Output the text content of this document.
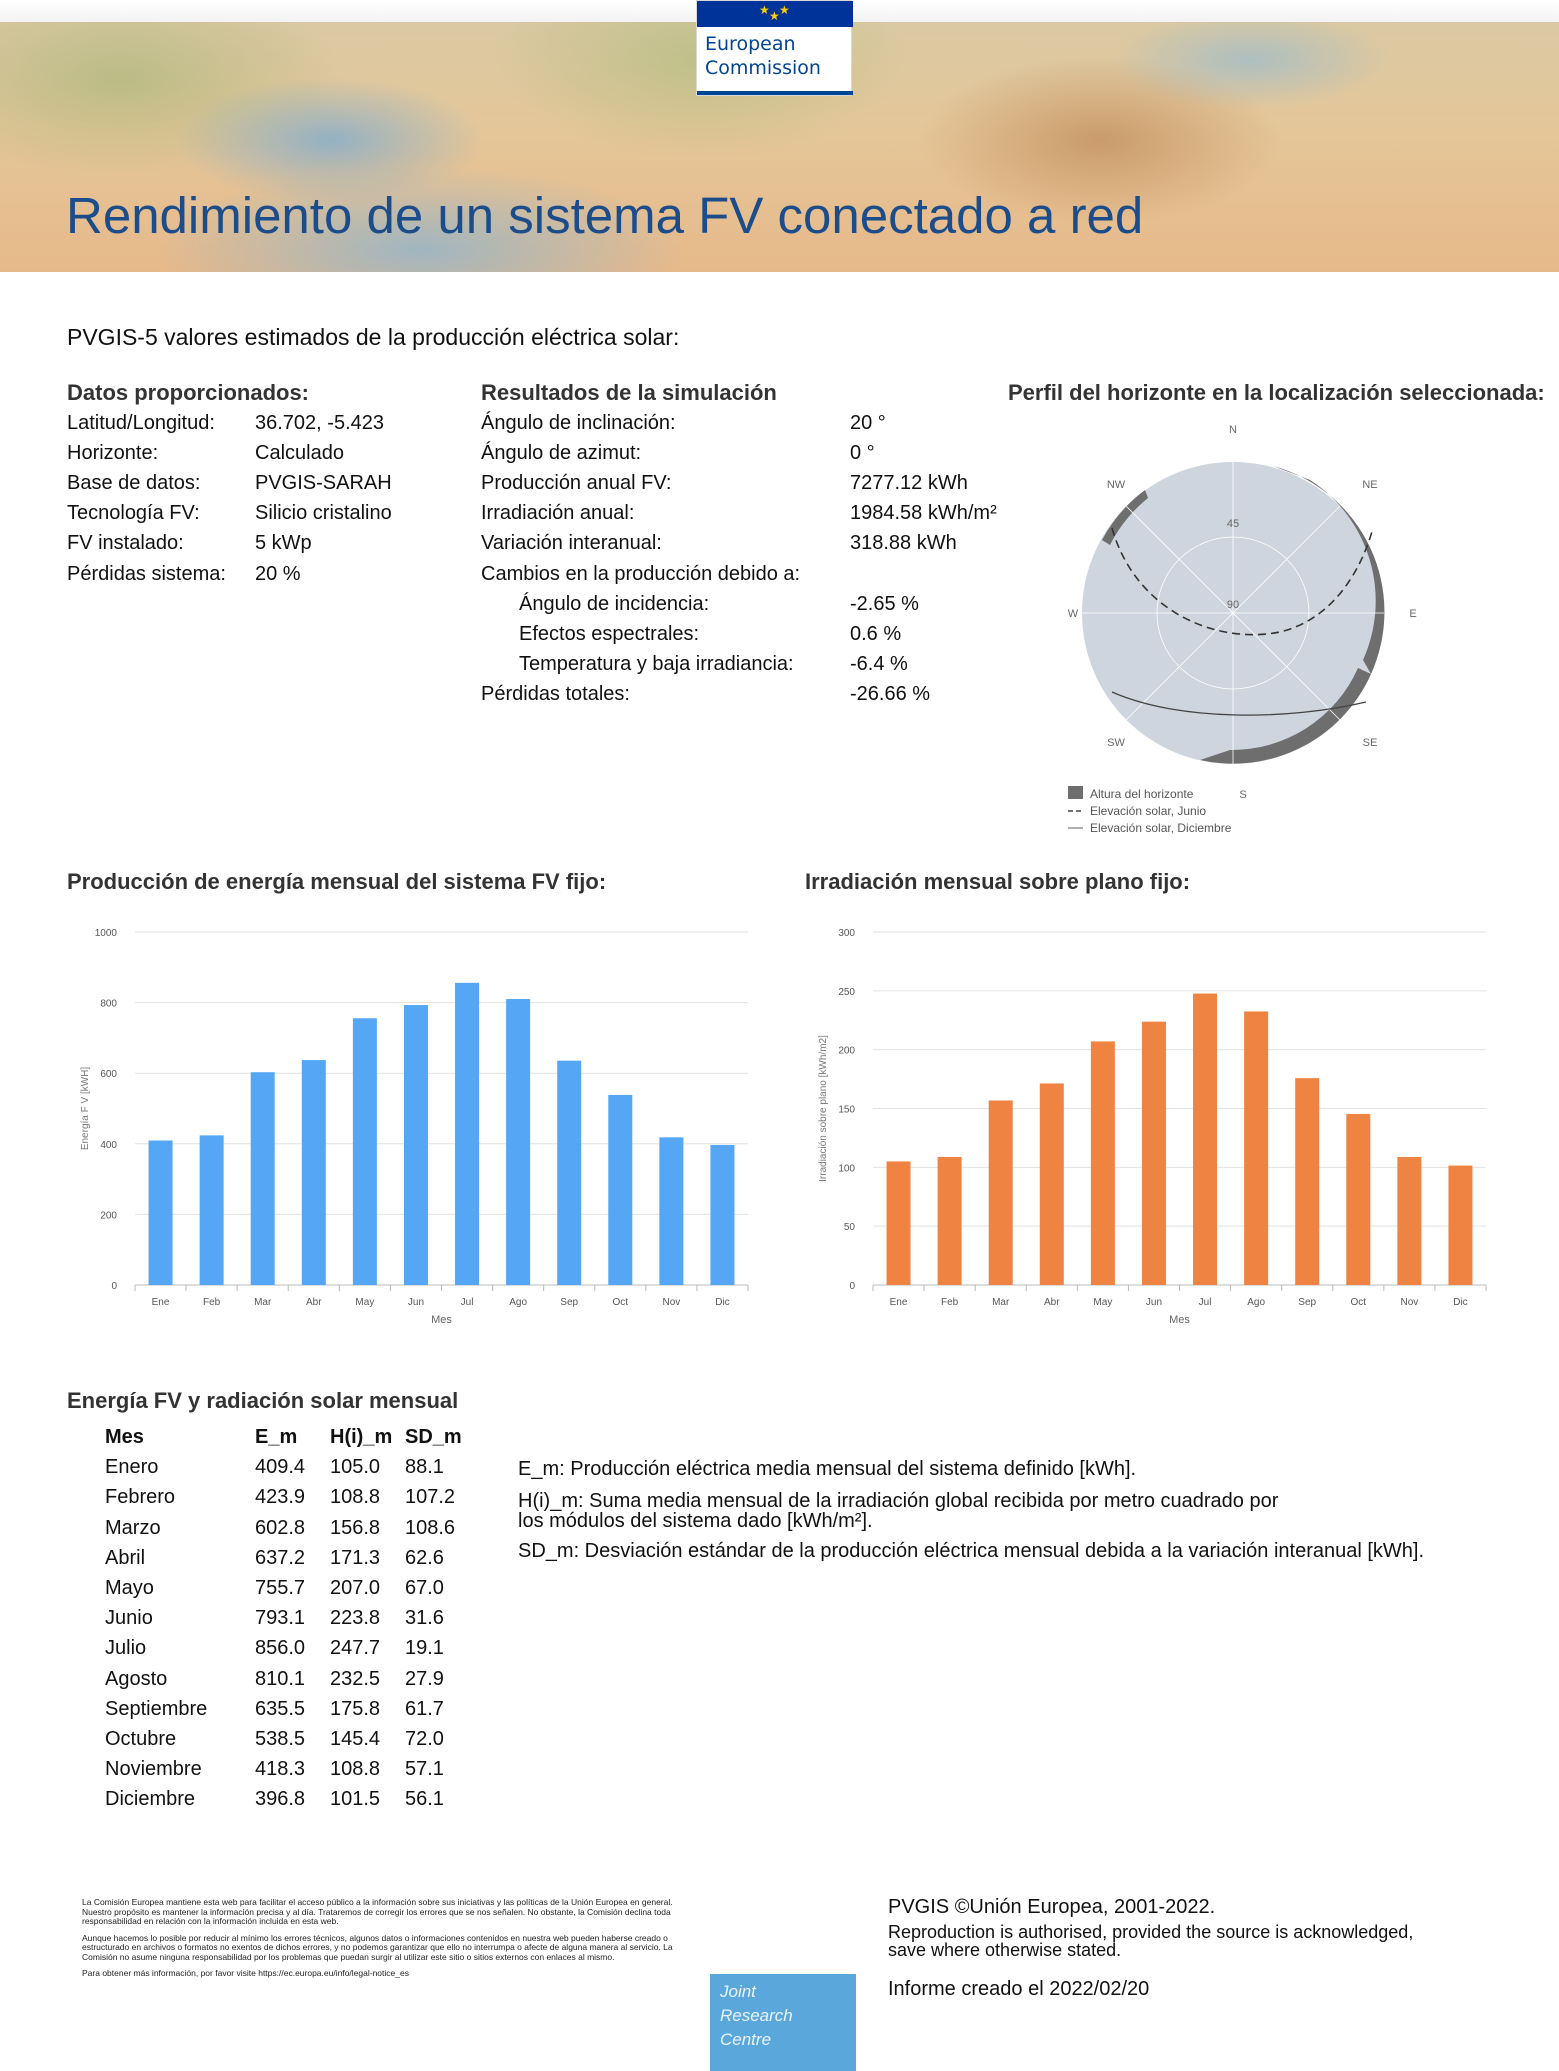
★ ★ ★
European
Commission
Rendimiento de un sistema FV conectado a red
PVGIS-5 valores estimados de la producción eléctrica solar:
Datos proporcionados:
Latitud/Longitud: 36.702, -5.423
Horizonte:	Calculado
Base de datos:	PVGIS-SARAH
Tecnología FV:	Silicio cristalino
FV instalado:	5 kWp
Pérdidas sistema: 20 %
Resultados de la simulación
Ángulo de inclinación:	20 °
Ángulo de azimut:	0 °
Producción anual FV:	7277.12 kWh
Irradiación anual:	1984.58 kWh/m²
Variación interanual:	318.88 kWh
Cambios en la producción debido a:
Ángulo de incidencia:	-2.65 %
Efectos espectrales:	0.6 %
Temperatura y baja irradiancia:	-6.4 %
Pérdidas totales:	-26.66 %
Perfil del horizonte en la localización seleccionada:
N
NE
E
SE
S
SW
W
NW
45
90
Altura del horizonte
Elevación solar, Junio
Elevación solar, Diciembre
Producción de energía mensual del sistema FV fijo:	Irradiación mensual sobre plano fijo:
0
200
400
600
800
1000
Ene	Feb	Mar	Abr	May	Jun	Jul	Ago	Sep	Oct	Nov	Dic
Mes
Energía F V [kWH]
0
50
100
150
200
250
300
Ene	Feb	Mar	Abr	May	Jun	Jul	Ago	Sep	Oct	Nov	Dic
Mes
Irradiación sobre plano [kWh/m2]
Energía FV y radiación solar mensual
Mes	E_m H(i)_m SD_m
Enero	409.4 105.0 88.1
Febrero	423.9 108.8 107.2
Marzo	602.8 156.8 108.6
Abril	637.2 171.3 62.6
Mayo	755.7 207.0 67.0
Junio	793.1 223.8 31.6
Julio	856.0 247.7 19.1
Agosto	810.1 232.5 27.9
Septiembre 635.5 175.8 61.7
Octubre	538.5 145.4 72.0
Noviembre	418.3 108.8 57.1
Diciembre	396.8 101.5 56.1
E_m: Producción eléctrica media mensual del sistema definido [kWh].
H(i)_m: Suma media mensual de la irradiación global recibida por metro cuadrado por
los módulos del sistema dado [kWh/m²].
SD_m: Desviación estándar de la producción eléctrica mensual debida a la variación interanual [kWh].

La Comisión Europea mantiene esta web para facilitar el acceso público a la información sobre sus iniciativas y las políticas de la Unión Europea en general. Nuestro propósito es mantener la información precisa y al día. Trataremos de corregir los errores que se nos señalen. No obstante, la Comisión declina toda responsabilidad en relación con la información incluida en esta web.

Aunque hacemos lo posible por reducir al mínimo los errores técnicos, algunos datos o informaciones contenidos en nuestra web pueden haberse creado o estructurado en archivos o formatos no exentos de dichos errores, y no podemos garantizar que ello no interrumpa o afecte de alguna manera al servicio. La Comisión no asume ninguna responsabilidad por los problemas que puedan surgir al utilizar este sitio o sitios externos con enlaces al mismo.

Para obtener más información, por favor visite https://ec.europa.eu/info/legal-notice_es

Joint
Research
Centre
PVGIS ©Unión Europea, 2001-2022.
Reproduction is authorised, provided the source is acknowledged,
save where otherwise stated.
Informe creado el 2022/02/20
